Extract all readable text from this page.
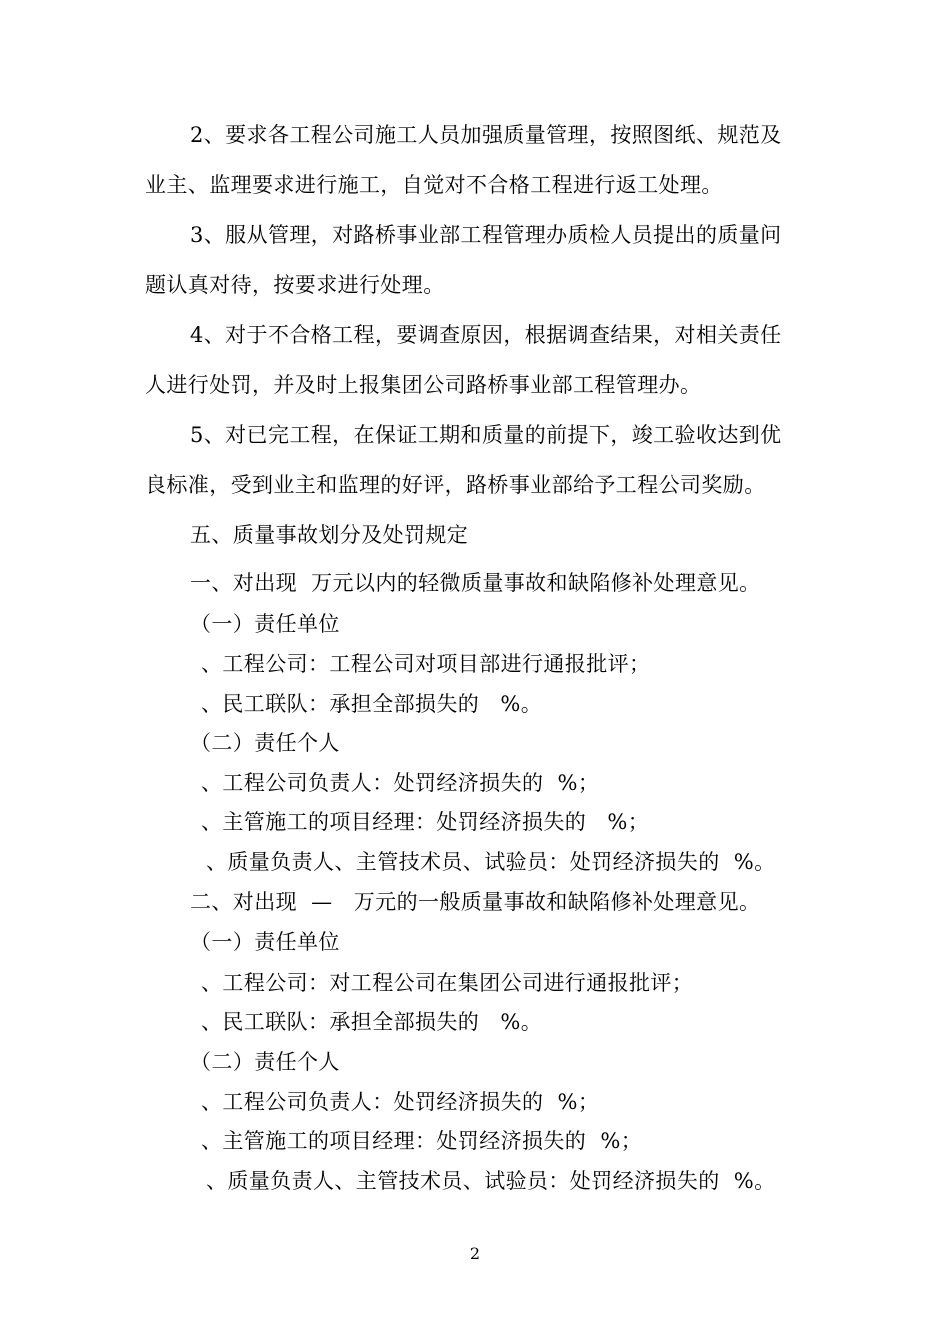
2、要求各工程公司施工人员加强质量管理，按照图纸、规范及
业主、监理要求进行施工，自觉对不合格工程进行返工处理。
3、服从管理，对路桥事业部工程管理办质检人员提出的质量问
题认真对待，按要求进行处理。
4、对于不合格工程，要调查原因，根据调查结果，对相关责任
人进行处罚，并及时上报集团公司路桥事业部工程管理办。
5、对已完工程，在保证工期和质量的前提下，竣工验收达到优
良标准，受到业主和监理的好评，路桥事业部给予工程公司奖励。
五、质量事故划分及处罚规定
一、对出现  万元以内的轻微质量事故和缺陷修补处理意见。
（一）责任单位
、工程公司：工程公司对项目部进行通报批评；
、民工联队：承担全部损失的   %。
（二）责任个人
、工程公司负责人：处罚经济损失的  %；
、主管施工的项目经理：处罚经济损失的   %；
、质量负责人、主管技术员、试验员：处罚经济损失的  %。
二、对出现  —   万元的一般质量事故和缺陷修补处理意见。
（一）责任单位
、工程公司：对工程公司在集团公司进行通报批评；
、民工联队：承担全部损失的   %。
（二）责任个人
、工程公司负责人：处罚经济损失的  %；
、主管施工的项目经理：处罚经济损失的  %；
、质量负责人、主管技术员、试验员：处罚经济损失的  %。
2
